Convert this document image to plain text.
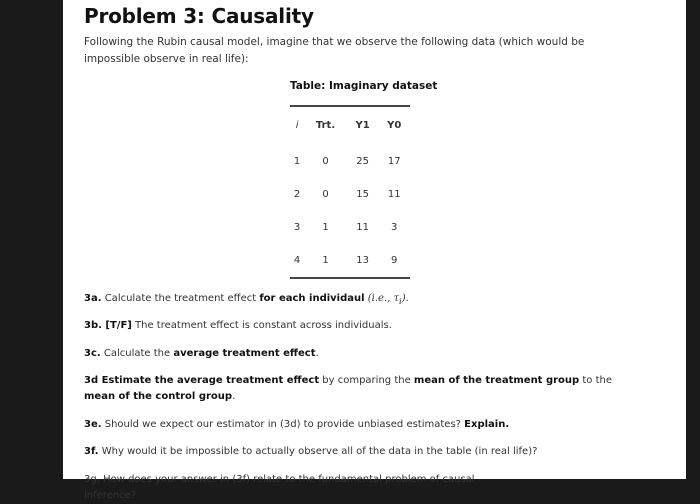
Problem 3: Causality
Following the Rubin causal model, imagine that we observe the following data (which would be impossible observe in real life):
Table: Imaginary dataset
i	Trt.	Y1	Y0
1	0	25	17
2	0	15	11
3	1	11	3
4	1	13	9

3a. Calculate the treatment effect for each individaul (i.e., $\tau_i$).

3b. [T/F] The treatment effect is constant across individuals.

3c. Calculate the average treatment effect.

3d Estimate the average treatment effect by comparing the mean of the treatment group to the mean of the control group.

3e. Should we expect our estimator in (3d) to provide unbiased estimates? Explain.

3f. Why would it be impossible to actually observe all of the data in the table (in real life)?

3g. How does your answer in (3f) relate to the fundamental problem of causal inference?
